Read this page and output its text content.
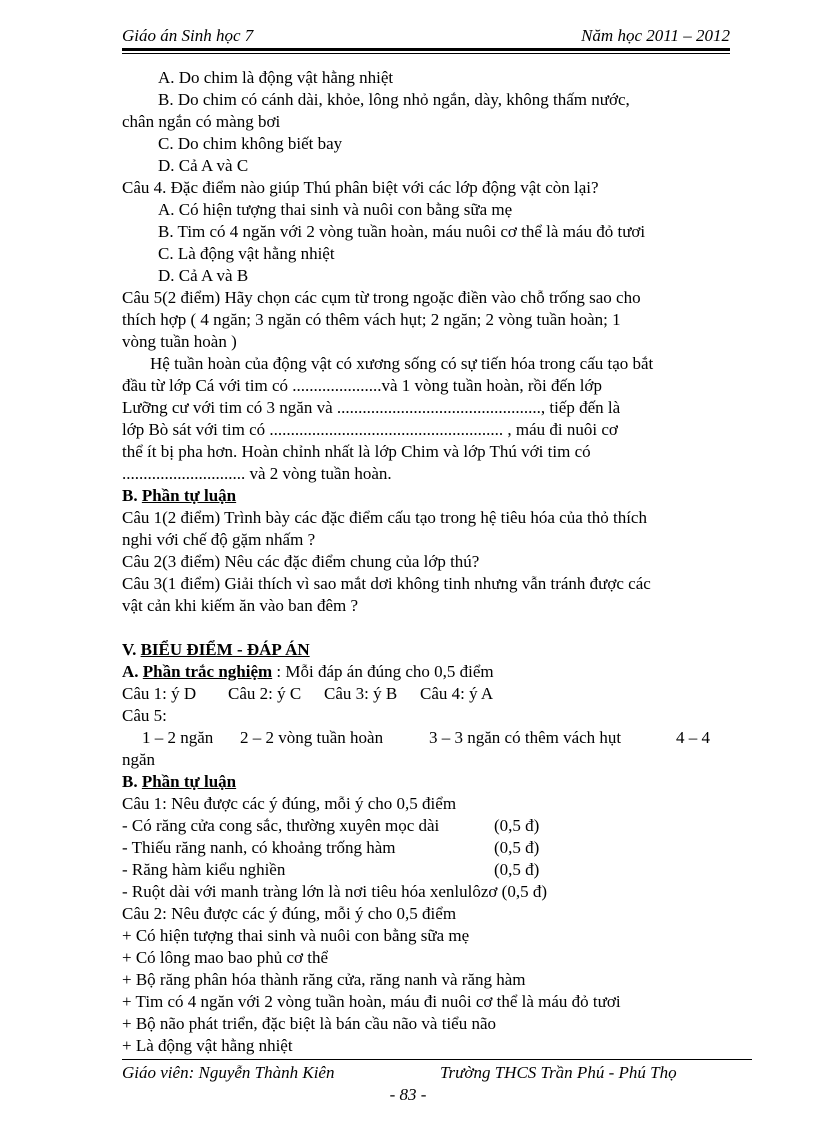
Giáo án Sinh học 7	Năm học 2011 – 2012
A. Do chim là động vật hằng nhiệt
B. Do chim có cánh dài, khỏe, lông nhỏ ngắn, dày, không thấm nước,
chân ngắn có màng bơi
C. Do chim không biết bay
D. Cả A và C
Câu 4. Đặc điểm nào giúp Thú phân biệt với các lớp động vật còn lại?
A. Có hiện tượng thai sinh và nuôi con bằng sữa mẹ
B. Tim có 4 ngăn với 2 vòng tuần hoàn, máu nuôi cơ thể là máu đỏ tươi
C. Là động vật hằng nhiệt
D. Cả A và B
Câu 5(2 điểm) Hãy chọn các cụm từ trong ngoặc điền vào chỗ trống sao cho
thích hợp ( 4 ngăn; 3 ngăn có thêm vách hụt; 2 ngăn; 2 vòng tuần hoàn; 1
vòng tuần hoàn )
Hệ tuần hoàn của động vật có xương sống có sự tiến hóa trong cấu tạo bắt
đầu từ lớp Cá với tim có .....................và 1 vòng tuần hoàn, rồi đến lớp
Lưỡng cư với tim có 3 ngăn và ................................................, tiếp đến là
lớp Bò sát với tim có ....................................................... , máu đi nuôi cơ
thể ít bị pha hơn. Hoàn chỉnh nhất là lớp Chim và lớp Thú với tim có
............................. và 2 vòng tuần hoàn.
B. Phần tự luận
Câu 1(2 điểm) Trình bày các đặc điểm cấu tạo trong hệ tiêu hóa của thỏ thích
nghi với chế độ gặm nhấm ?
Câu 2(3 điểm) Nêu các đặc điểm chung của lớp thú?
Câu 3(1 điểm) Giải thích vì sao mắt dơi không tinh nhưng vẫn tránh được các
vật cản khi kiếm ăn vào ban đêm ?
V. BIỂU ĐIỂM - ĐÁP ÁN
A. Phần trắc nghiệm : Mỗi đáp án đúng cho 0,5 điểm
Câu 1: ý D Câu 2: ý C Câu 3: ý B Câu 4: ý A
Câu 5:
1 – 2 ngăn 2 – 2 vòng tuần hoàn	3 – 3 ngăn có thêm vách hụt	4 – 4
ngăn
B. Phần tự luận
Câu 1: Nêu được các ý đúng, mỗi ý cho 0,5 điểm
- Có răng cửa cong sắc, thường xuyên mọc dài	(0,5 đ)
- Thiếu răng nanh, có khoảng trống hàm	(0,5 đ)
- Răng hàm kiểu nghiền	(0,5 đ)
- Ruột dài với manh tràng lớn là nơi tiêu hóa xenlulôzơ (0,5 đ)
Câu 2: Nêu được các ý đúng, mỗi ý cho 0,5 điểm
+ Có hiện tượng thai sinh và nuôi con bằng sữa mẹ
+ Có lông mao bao phủ cơ thể
+ Bộ răng phân hóa thành răng cửa, răng nanh và răng hàm
+ Tim có 4 ngăn với 2 vòng tuần hoàn, máu đi nuôi cơ thể là máu đỏ tươi
+ Bộ não phát triển, đặc biệt là bán cầu não và tiểu não
+ Là động vật hằng nhiệt
Giáo viên: Nguyễn Thành Kiên	Trường THCS Trần Phú - Phú Thọ
- 83 -
